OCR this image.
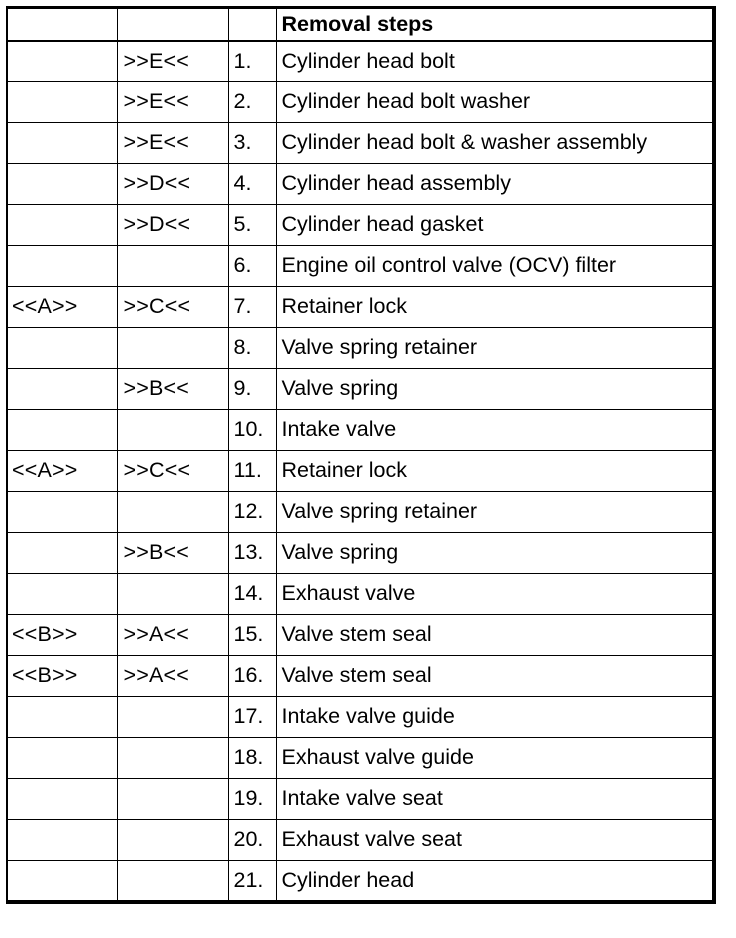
			Removal steps
	>>E<<	1.	Cylinder head bolt
	>>E<<	2.	Cylinder head bolt washer
	>>E<<	3.	Cylinder head bolt & washer assembly
	>>D<<	4.	Cylinder head assembly
	>>D<<	5.	Cylinder head gasket
		6.	Engine oil control valve (OCV) filter
<<A>>	>>C<<	7.	Retainer lock
		8.	Valve spring retainer
	>>B<<	9.	Valve spring
		10.	Intake valve
<<A>>	>>C<<	11.	Retainer lock
		12.	Valve spring retainer
	>>B<<	13.	Valve spring
		14.	Exhaust valve
<<B>>	>>A<<	15.	Valve stem seal
<<B>>	>>A<<	16.	Valve stem seal
		17.	Intake valve guide
		18.	Exhaust valve guide
		19.	Intake valve seat
		20.	Exhaust valve seat
		21.	Cylinder head
